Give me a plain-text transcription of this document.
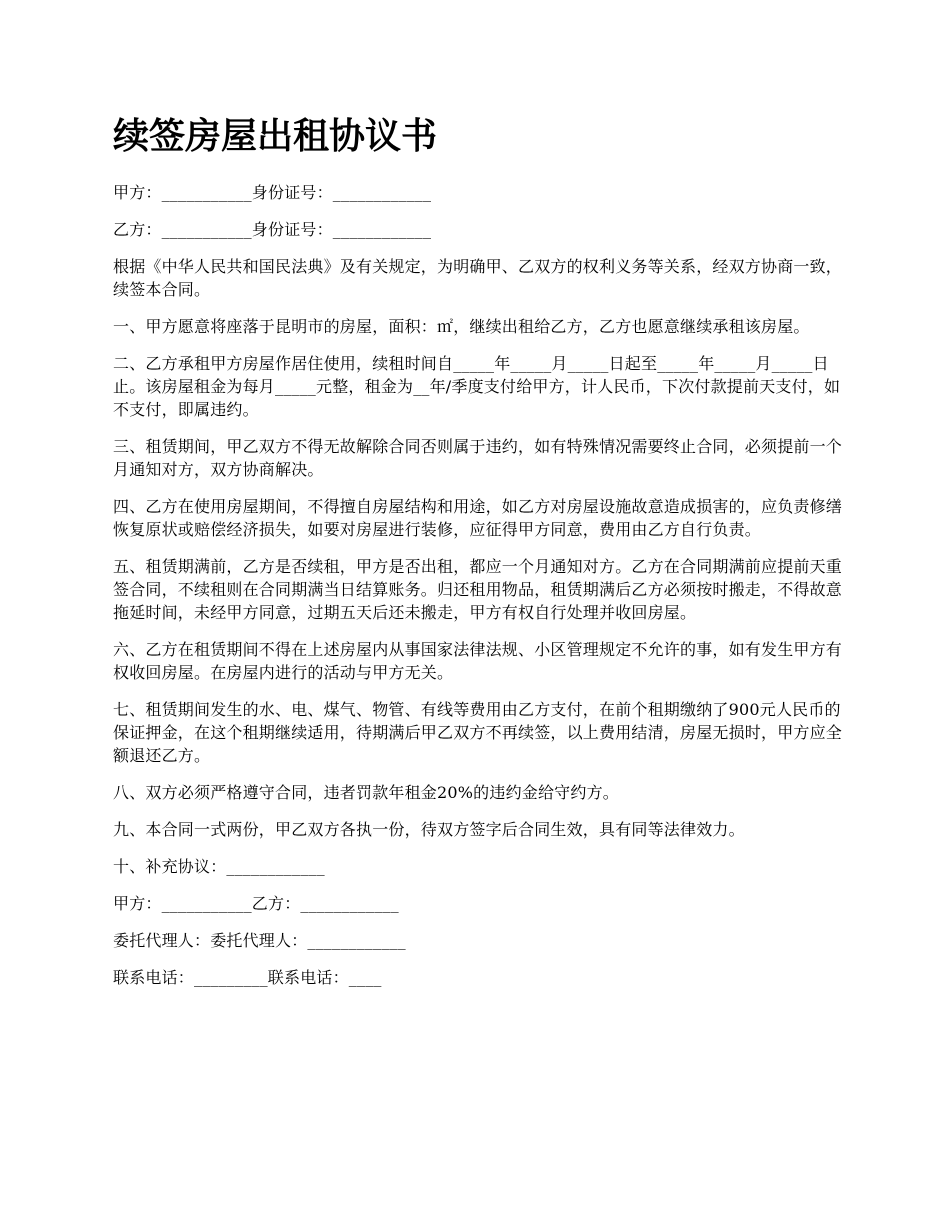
续签房屋出租协议书

甲方：___________身份证号：____________

乙方：___________身份证号：____________

根据《中华人民共和国民法典》及有关规定，为明确甲、乙双方的权利义务等关系，经双方协商一致，续签本合同。

一、甲方愿意将座落于昆明市的房屋，面积：㎡，继续出租给乙方，乙方也愿意继续承租该房屋。

二、乙方承租甲方房屋作居住使用，续租时间自_____年_____月_____日起至_____年_____月_____日止。该房屋租金为每月_____元整，租金为__年/季度支付给甲方，计人民币，下次付款提前天支付，如不支付，即属违约。

三、租赁期间，甲乙双方不得无故解除合同否则属于违约，如有特殊情况需要终止合同，必须提前一个月通知对方，双方协商解决。

四、乙方在使用房屋期间，不得擅自房屋结构和用途，如乙方对房屋设施故意造成损害的，应负责修缮恢复原状或赔偿经济损失，如要对房屋进行装修，应征得甲方同意，费用由乙方自行负责。

五、租赁期满前，乙方是否续租，甲方是否出租，都应一个月通知对方。乙方在合同期满前应提前天重签合同，不续租则在合同期满当日结算账务。归还租用物品，租赁期满后乙方必须按时搬走，不得故意拖延时间，未经甲方同意，过期五天后还未搬走，甲方有权自行处理并收回房屋。

六、乙方在租赁期间不得在上述房屋内从事国家法律法规、小区管理规定不允许的事，如有发生甲方有权收回房屋。在房屋内进行的活动与甲方无关。

七、租赁期间发生的水、电、煤气、物管、有线等费用由乙方支付，在前个租期缴纳了900元人民币的保证押金，在这个租期继续适用，待期满后甲乙双方不再续签，以上费用结清，房屋无损时，甲方应全额退还乙方。

八、双方必须严格遵守合同，违者罚款年租金20%的违约金给守约方。

九、本合同一式两份，甲乙双方各执一份，待双方签字后合同生效，具有同等法律效力。

十、补充协议：____________

甲方：___________乙方：____________

委托代理人：委托代理人：____________

联系电话：_________联系电话：____
